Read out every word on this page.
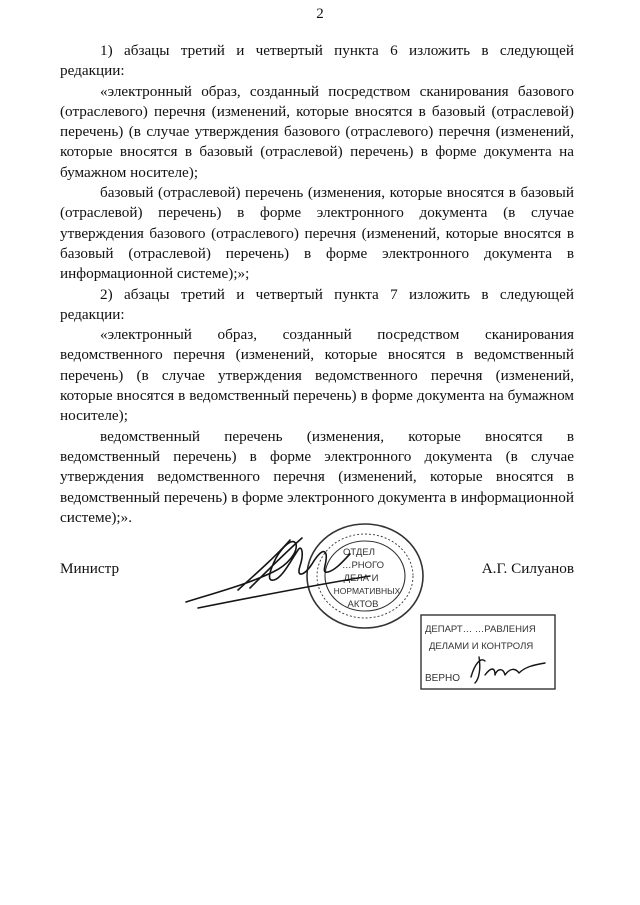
2

1) абзацы третий и четвертый пункта 6 изложить в следующей редакции:

«электронный образ, созданный посредством сканирования базового (отраслевого) перечня (изменений, которые вносятся в базовый (отраслевой) перечень) (в случае утверждения базового (отраслевого) перечня (изменений, которые вносятся в базовый (отраслевой) перечень) в форме документа на бумажном носителе);

базовый (отраслевой) перечень (изменения, которые вносятся в базовый (отраслевой) перечень) в форме электронного документа (в случае утверждения базового (отраслевого) перечня (изменений, которые вносятся в базовый (отраслевой) перечень) в форме электронного документа в информационной системе);»;

2) абзацы третий и четвертый пункта 7 изложить в следующей редакции:

«электронный образ, созданный посредством сканирования ведомственного перечня (изменений, которые вносятся в ведомственный перечень) (в случае утверждения ведомственного перечня (изменений, которые вносятся в ведомственный перечень) в форме документа на бумажном носителе);

ведомственный перечень (изменения, которые вносятся в ведомственный перечень) в форме электронного документа (в случае утверждения ведомственного перечня (изменений, которые вносятся в ведомственный перечень) в форме электронного документа в информационной системе);».

Министр	А.Г. Силуанов
ОТДЕЛ
…РНОГО
ДЕЛА И
НОРМАТИВНЫХ
АКТОВ
ДЕПАРТ… …РАВЛЕНИЯ
ДЕЛАМИ И КОНТРОЛЯ
ВЕРНО
